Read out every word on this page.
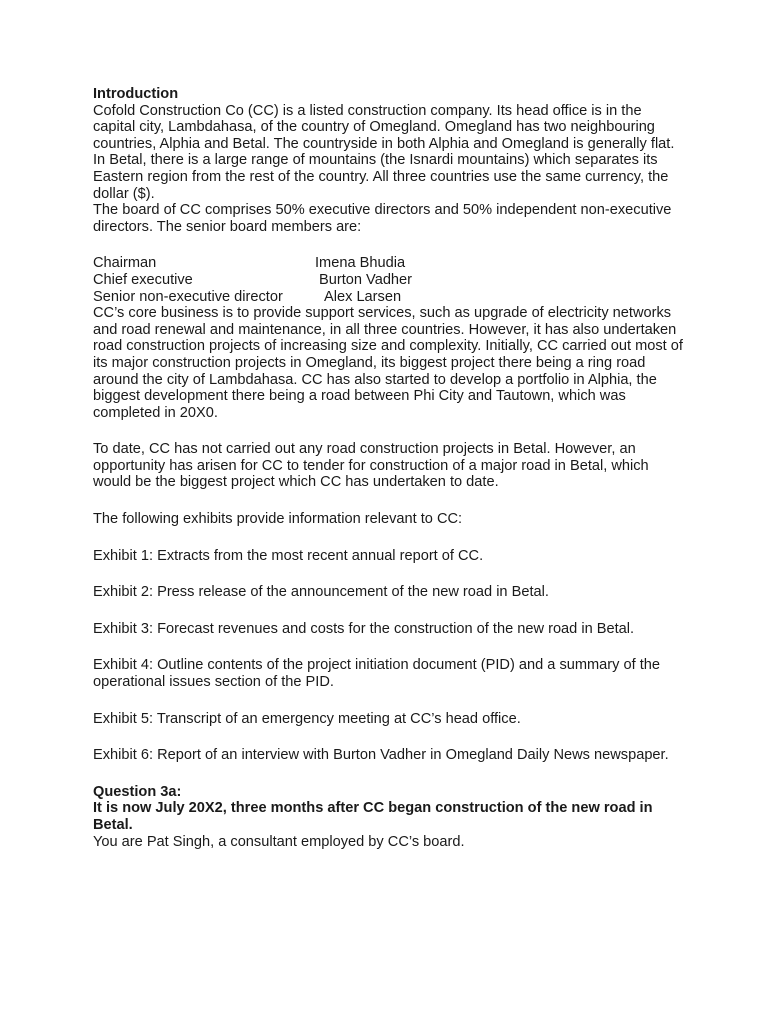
Introduction

Cofold Construction Co (CC) is a listed construction company. Its head office is in the capital city, Lambdahasa, of the country of Omegland. Omegland has two neighbouring countries, Alphia and Betal. The countryside in both Alphia and Omegland is generally flat. In Betal, there is a large range of mountains (the Isnardi mountains) which separates its Eastern region from the rest of the country. All three countries use the same currency, the dollar ($).

The board of CC comprises 50% executive directors and 50% independent non-executive directors. The senior board members are:

Chairman	Imena Bhudia
Chief executive	Burton Vadher
Senior non-executive director	Alex Larsen

CC’s core business is to provide support services, such as upgrade of electricity networks and road renewal and maintenance, in all three countries. However, it has also undertaken road construction projects of increasing size and complexity. Initially, CC carried out most of its major construction projects in Omegland, its biggest project there being a ring road around the city of Lambdahasa. CC has also started to develop a portfolio in Alphia, the biggest development there being a road between Phi City and Tautown, which was completed in 20X0.

To date, CC has not carried out any road construction projects in Betal. However, an opportunity has arisen for CC to tender for construction of a major road in Betal, which would be the biggest project which CC has undertaken to date.

The following exhibits provide information relevant to CC:

Exhibit 1: Extracts from the most recent annual report of CC.

Exhibit 2: Press release of the announcement of the new road in Betal.

Exhibit 3: Forecast revenues and costs for the construction of the new road in Betal.

Exhibit 4: Outline contents of the project initiation document (PID) and a summary of the operational issues section of the PID.

Exhibit 5: Transcript of an emergency meeting at CC’s head office.

Exhibit 6: Report of an interview with Burton Vadher in Omegland Daily News newspaper.

Question 3a:

It is now July 20X2, three months after CC began construction of the new road in Betal.

You are Pat Singh, a consultant employed by CC’s board.
